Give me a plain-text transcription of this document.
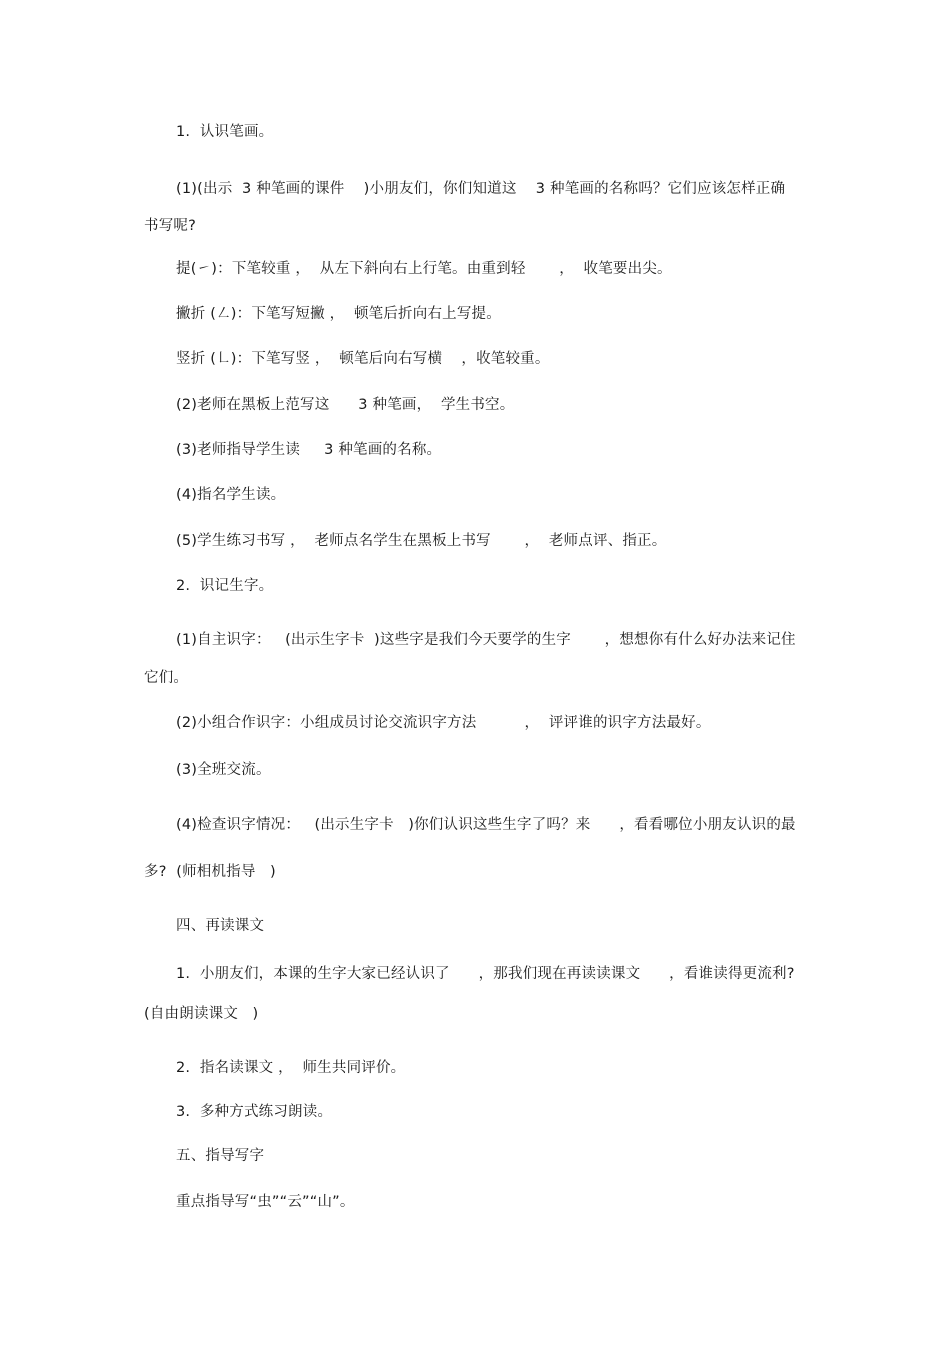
1.  认识笔画。
(1)(出示  3 种笔画的课件    )小朋友们，你们知道这    3 种笔画的名称吗？它们应该怎样正确
书写呢?
提(㇀)：下笔较重 ，  从左下斜向右上行笔。由重到轻       ，  收笔要出尖。
撇折 (㇜)：下笔写短撇 ，  顿笔后折向右上写提。
竖折 (㇗)：下笔写竖 ，  顿笔后向右写横    ，收笔较重。
(2)老师在黑板上范写这      3 种笔画，  学生书空。
(3)老师指导学生读     3 种笔画的名称。
(4)指名学生读。
(5)学生练习书写 ，  老师点名学生在黑板上书写       ，  老师点评、指正。
2.  识记生字。
(1)自主识字：   (出示生字卡  )这些字是我们今天要学的生字       ，想想你有什么好办法来记住
它们。
(2)小组合作识字：小组成员讨论交流识字方法          ，  评评谁的识字方法最好。
(3)全班交流。
(4)检查识字情况：   (出示生字卡   )你们认识这些生字了吗？来      ，看看哪位小朋友认识的最
多?  (师相机指导   )
四、再读课文
1.  小朋友们，本课的生字大家已经认识了      ，那我们现在再读读课文      ，看谁读得更流利?
(自由朗读课文   )
2.  指名读课文 ，  师生共同评价。
3.  多种方式练习朗读。
五、指导写字
重点指导写“虫”“云”“山”。
